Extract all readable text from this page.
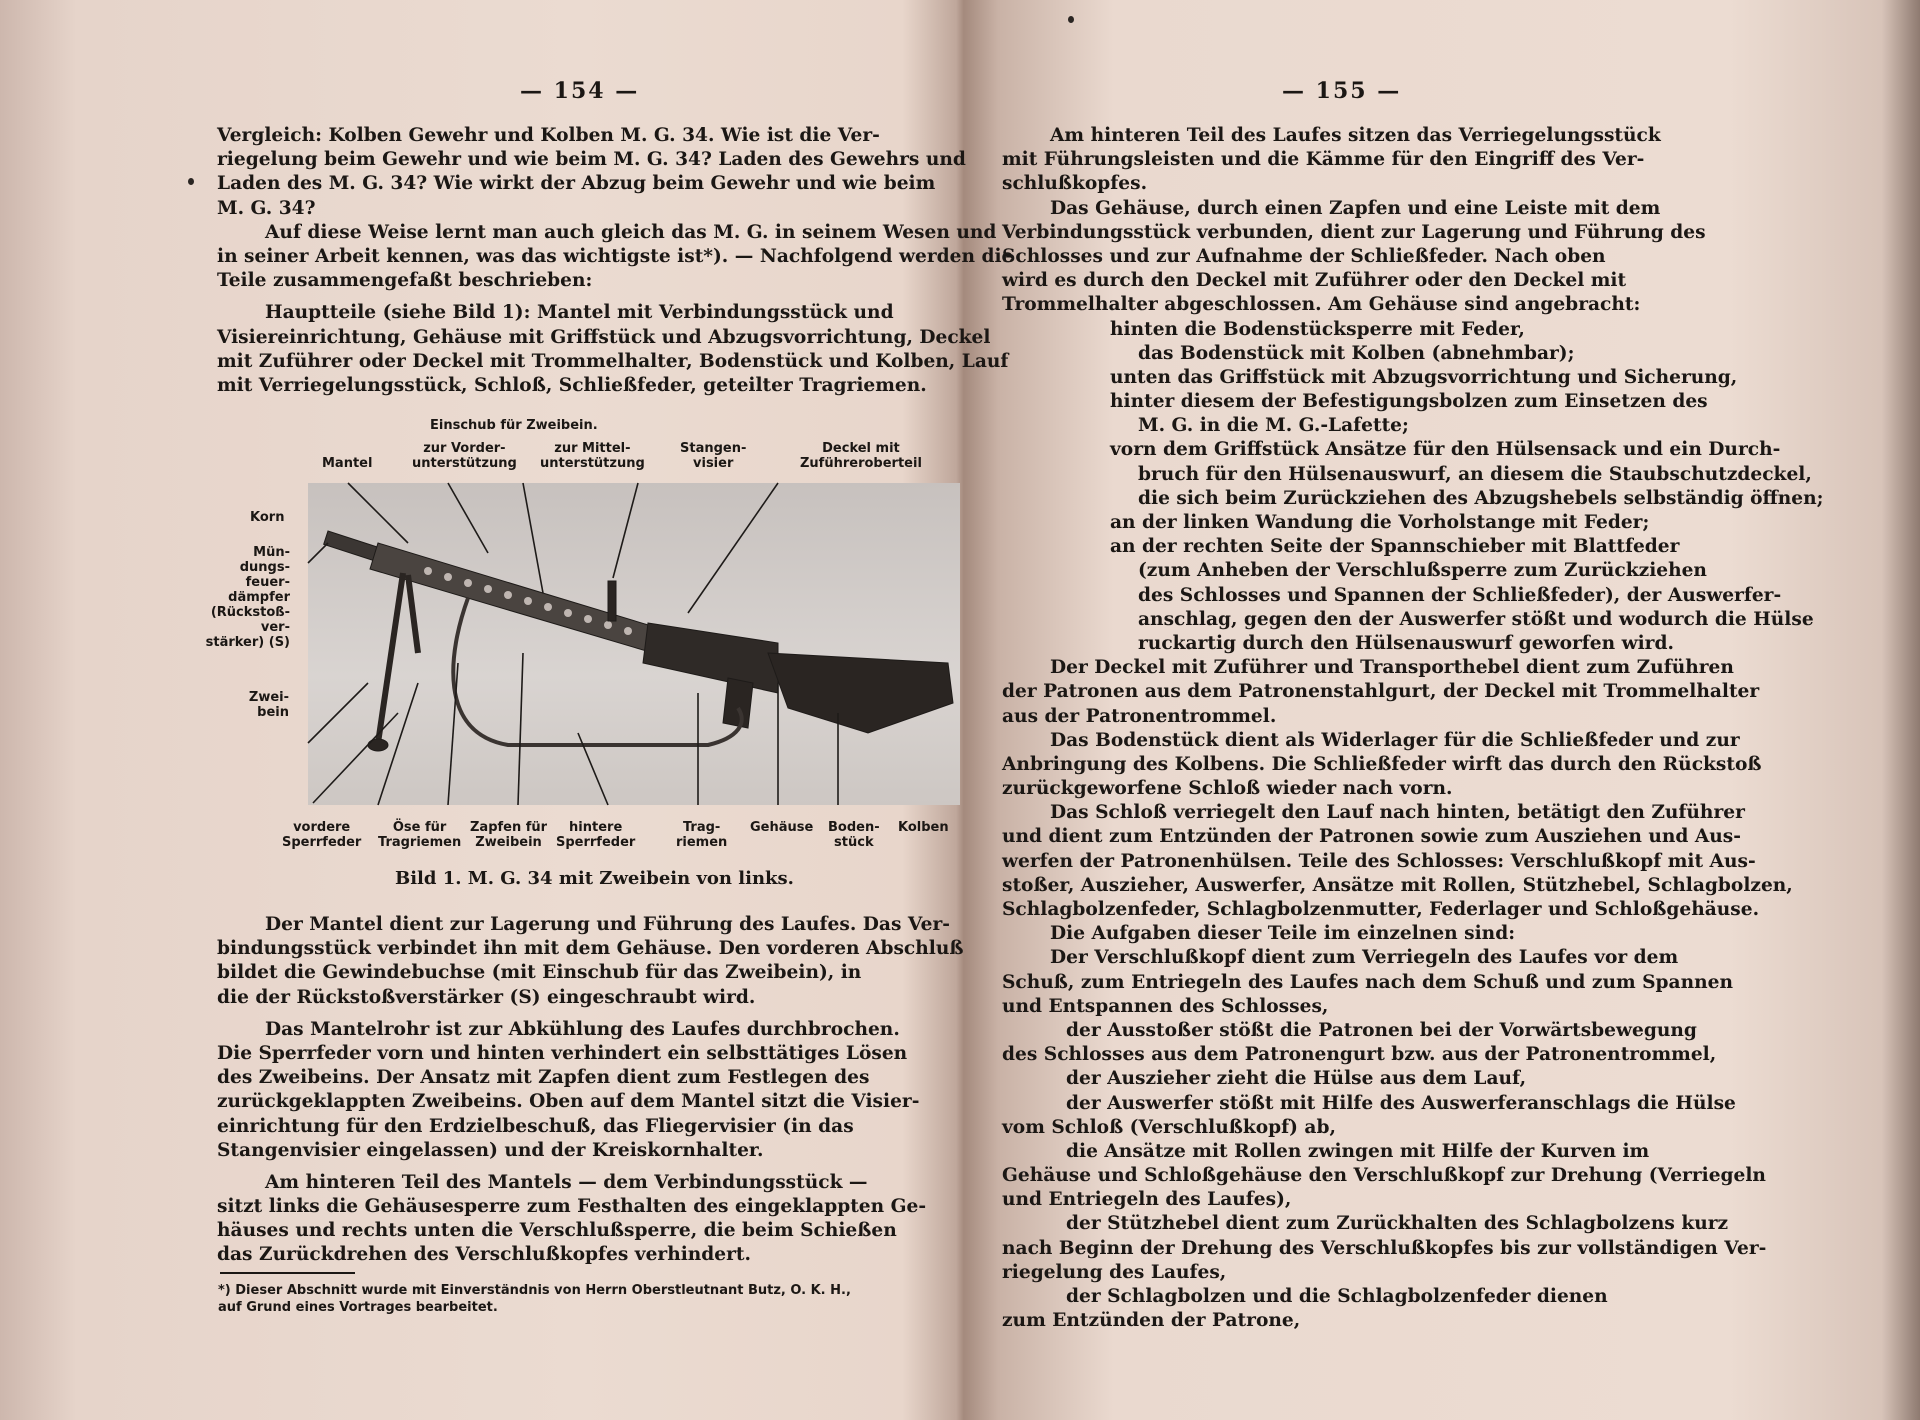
— 154 —
Vergleich: Kolben Gewehr und Kolben M. G. 34. Wie ist die Ver-
riegelung beim Gewehr und wie beim M. G. 34? Laden des Gewehrs und
Laden des M. G. 34? Wie wirkt der Abzug beim Gewehr und wie beim
M. G. 34?
Auf diese Weise lernt man auch gleich das M. G. in seinem Wesen und
in seiner Arbeit kennen, was das wichtigste ist*). — Nachfolgend werden die
Teile zusammengefaßt beschrieben:
Hauptteile (siehe Bild 1): Mantel mit Verbindungsstück und
Visiereinrichtung, Gehäuse mit Griffstück und Abzugsvorrichtung, Deckel
mit Zuführer oder Deckel mit Trommelhalter, Bodenstück und Kolben, Lauf
mit Verriegelungsstück, Schloß, Schließfeder, geteilter Tragriemen.
Einschub für Zweibein.
Mantel
zur Vorder-
unterstützung
zur Mittel-
unterstützung
Stangen-
visier
Deckel mit
Zuführeroberteil
Korn
Mün-
dungs-
feuer-
dämpfer
(Rückstoß-
ver-
stärker) (S)
Zwei-
bein
vordere
Sperrfeder
Öse für
Tragriemen
Zapfen für
Zweibein
hintere
Sperrfeder
Trag-
riemen
Gehäuse Boden-
stück
Kolben
Bild 1. M. G. 34 mit Zweibein von links.
Der Mantel dient zur Lagerung und Führung des Laufes. Das Ver-
bindungsstück verbindet ihn mit dem Gehäuse. Den vorderen Abschluß
bildet die Gewindebuchse (mit Einschub für das Zweibein), in
die der Rückstoßverstärker (S) eingeschraubt wird.
Das Mantelrohr ist zur Abkühlung des Laufes durchbrochen.
Die Sperrfeder vorn und hinten verhindert ein selbsttätiges Lösen
des Zweibeins. Der Ansatz mit Zapfen dient zum Festlegen des
zurückgeklappten Zweibeins. Oben auf dem Mantel sitzt die Visier-
einrichtung für den Erdzielbeschuß, das Fliegervisier (in das
Stangenvisier eingelassen) und der Kreiskornhalter.
Am hinteren Teil des Mantels — dem Verbindungsstück —
sitzt links die Gehäusesperre zum Festhalten des eingeklappten Ge-
häuses und rechts unten die Verschlußsperre, die beim Schießen
das Zurückdrehen des Verschlußkopfes verhindert.
*) Dieser Abschnitt wurde mit Einverständnis von Herrn Oberstleutnant Butz, O. K. H.,
auf Grund eines Vortrages bearbeitet.
— 155 —
Am hinteren Teil des Laufes sitzen das Verriegelungsstück
mit Führungsleisten und die Kämme für den Eingriff des Ver-
schlußkopfes.
Das Gehäuse, durch einen Zapfen und eine Leiste mit dem
Verbindungsstück verbunden, dient zur Lagerung und Führung des
Schlosses und zur Aufnahme der Schließfeder. Nach oben
wird es durch den Deckel mit Zuführer oder den Deckel mit
Trommelhalter abgeschlossen. Am Gehäuse sind angebracht:
hinten die Bodenstücksperre mit Feder,
das Bodenstück mit Kolben (abnehmbar);
unten das Griffstück mit Abzugsvorrichtung und Sicherung,
hinter diesem der Befestigungsbolzen zum Einsetzen des
M. G. in die M. G.-Lafette;
vorn dem Griffstück Ansätze für den Hülsensack und ein Durch-
bruch für den Hülsenauswurf, an diesem die Staubschutzdeckel,
die sich beim Zurückziehen des Abzugshebels selbständig öffnen;
an der linken Wandung die Vorholstange mit Feder;
an der rechten Seite der Spannschieber mit Blattfeder
(zum Anheben der Verschlußsperre zum Zurückziehen
des Schlosses und Spannen der Schließfeder), der Auswerfer-
anschlag, gegen den der Auswerfer stößt und wodurch die Hülse
ruckartig durch den Hülsenauswurf geworfen wird.
Der Deckel mit Zuführer und Transporthebel dient zum Zuführen
der Patronen aus dem Patronenstahlgurt, der Deckel mit Trommelhalter
aus der Patronentrommel.
Das Bodenstück dient als Widerlager für die Schließfeder und zur
Anbringung des Kolbens. Die Schließfeder wirft das durch den Rückstoß
zurückgeworfene Schloß wieder nach vorn.
Das Schloß verriegelt den Lauf nach hinten, betätigt den Zuführer
und dient zum Entzünden der Patronen sowie zum Ausziehen und Aus-
werfen der Patronenhülsen. Teile des Schlosses: Verschlußkopf mit Aus-
stoßer, Auszieher, Auswerfer, Ansätze mit Rollen, Stützhebel, Schlagbolzen,
Schlagbolzenfeder, Schlagbolzenmutter, Federlager und Schloßgehäuse.
Die Aufgaben dieser Teile im einzelnen sind:
Der Verschlußkopf dient zum Verriegeln des Laufes vor dem
Schuß, zum Entriegeln des Laufes nach dem Schuß und zum Spannen
und Entspannen des Schlosses,
der Ausstoßer stößt die Patronen bei der Vorwärtsbewegung
des Schlosses aus dem Patronengurt bzw. aus der Patronentrommel,
der Auszieher zieht die Hülse aus dem Lauf,
der Auswerfer stößt mit Hilfe des Auswerferanschlags die Hülse
vom Schloß (Verschlußkopf) ab,
die Ansätze mit Rollen zwingen mit Hilfe der Kurven im
Gehäuse und Schloßgehäuse den Verschlußkopf zur Drehung (Verriegeln
und Entriegeln des Laufes),
der Stützhebel dient zum Zurückhalten des Schlagbolzens kurz
nach Beginn der Drehung des Verschlußkopfes bis zur vollständigen Ver-
riegelung des Laufes,
der Schlagbolzen und die Schlagbolzenfeder dienen
zum Entzünden der Patrone,
